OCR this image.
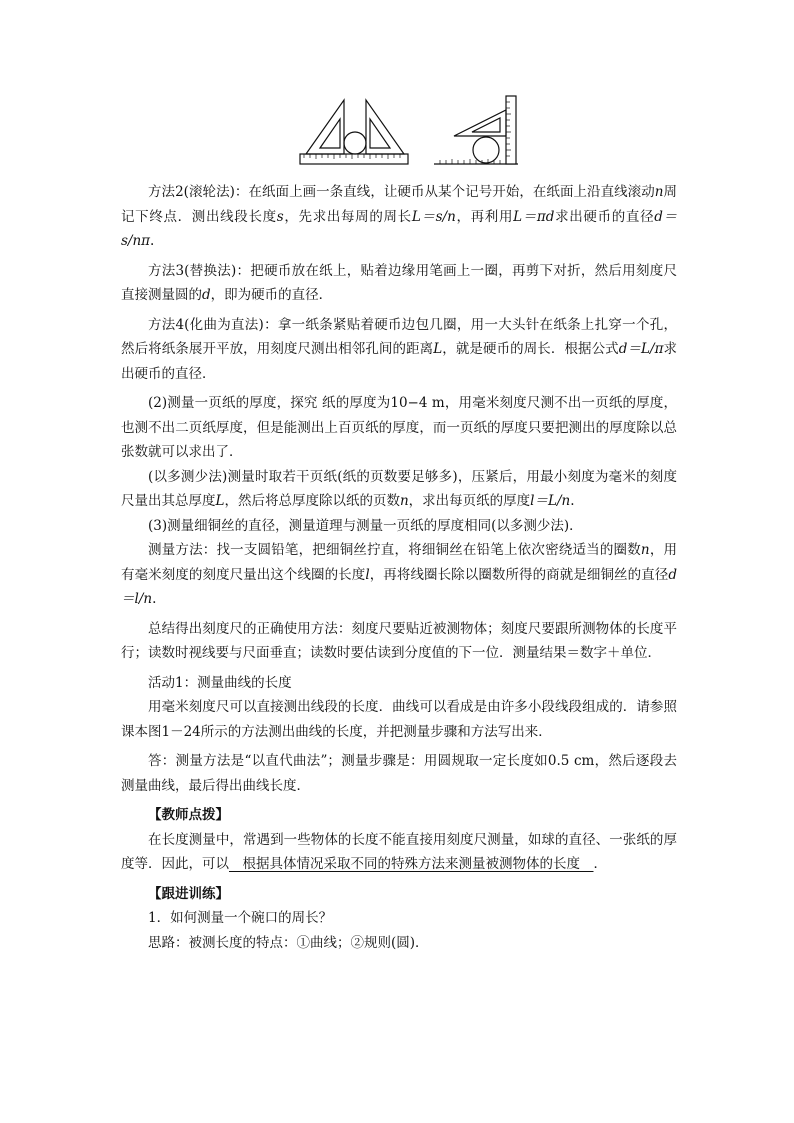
方法2(滚轮法)：在纸面上画一条直线，让硬币从某个记号开始，在纸面上沿直线滚动n周记下终点．测出线段长度s，先求出每周的周长L＝s/n，再利用L＝πd求出硬币的直径d＝s/nπ.

方法3(替换法)：把硬币放在纸上，贴着边缘用笔画上一圈，再剪下对折，然后用刻度尺直接测量圆的d，即为硬币的直径．

方法4(化曲为直法)：拿一纸条紧贴着硬币边包几圈，用一大头针在纸条上扎穿一个孔，然后将纸条展开平放，用刻度尺测出相邻孔间的距离L，就是硬币的周长．根据公式d＝L/π求出硬币的直径．

(2)测量一页纸的厚度，探究 纸的厚度为10−4 m，用毫米刻度尺测不出一页纸的厚度，也测不出二页纸厚度，但是能测出上百页纸的厚度，而一页纸的厚度只要把测出的厚度除以总张数就可以求出了．

(以多测少法)测量时取若干页纸(纸的页数要足够多)，压紧后，用最小刻度为毫米的刻度尺量出其总厚度L，然后将总厚度除以纸的页数n，求出每页纸的厚度l＝L/n.

(3)测量细铜丝的直径，测量道理与测量一页纸的厚度相同(以多测少法)．

测量方法：找一支圆铅笔，把细铜丝拧直，将细铜丝在铅笔上依次密绕适当的圈数n，用有毫米刻度的刻度尺量出这个线圈的长度l，再将线圈长除以圈数所得的商就是细铜丝的直径d＝l/n.

总结得出刻度尺的正确使用方法：刻度尺要贴近被测物体；刻度尺要跟所测物体的长度平行；读数时视线要与尺面垂直；读数时要估读到分度值的下一位．测量结果＝数字＋单位．

活动1：测量曲线的长度

用毫米刻度尺可以直接测出线段的长度．曲线可以看成是由许多小段线段组成的．请参照课本图1－24所示的方法测出曲线的长度，并把测量步骤和方法写出来．

答：测量方法是“以直代曲法”；测量步骤是：用圆规取一定长度如0.5 cm，然后逐段去测量曲线，最后得出曲线长度．

【教师点拨】

在长度测量中，常遇到一些物体的长度不能直接用刻度尺测量，如球的直径、一张纸的厚度等．因此，可以　根据具体情况采取不同的特殊方法来测量被测物体的长度　．

【跟进训练】

1．如何测量一个碗口的周长？

思路：被测长度的特点：①曲线；②规则(圆)．
